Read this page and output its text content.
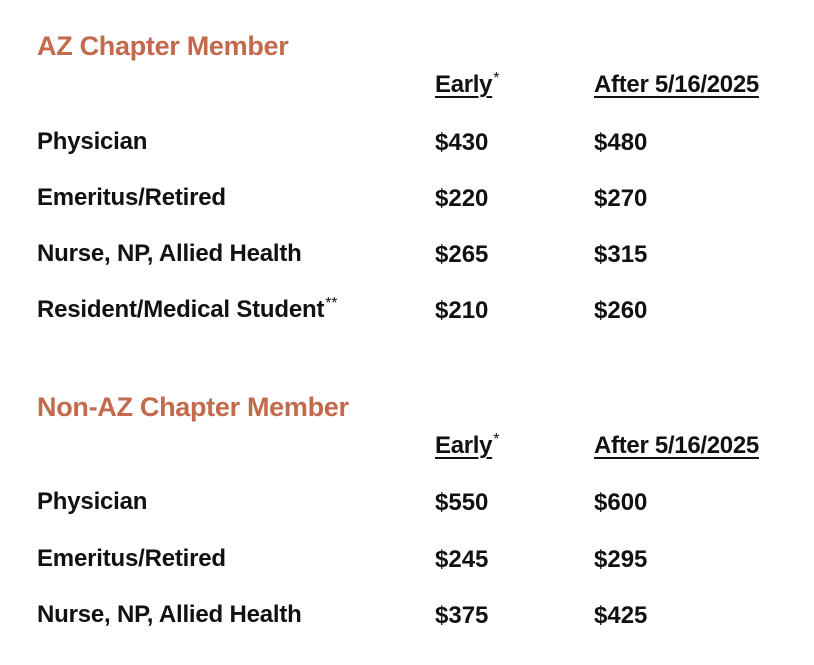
AZ Chapter Member
Early*	After 5/16/2025
Physician	$430	$480
Emeritus/Retired	$220	$270
Nurse, NP, Allied Health	$265	$315
Resident/Medical Student**	$210	$260
Non-AZ Chapter Member
Early*	After 5/16/2025
Physician	$550	$600
Emeritus/Retired	$245	$295
Nurse, NP, Allied Health	$375	$425
